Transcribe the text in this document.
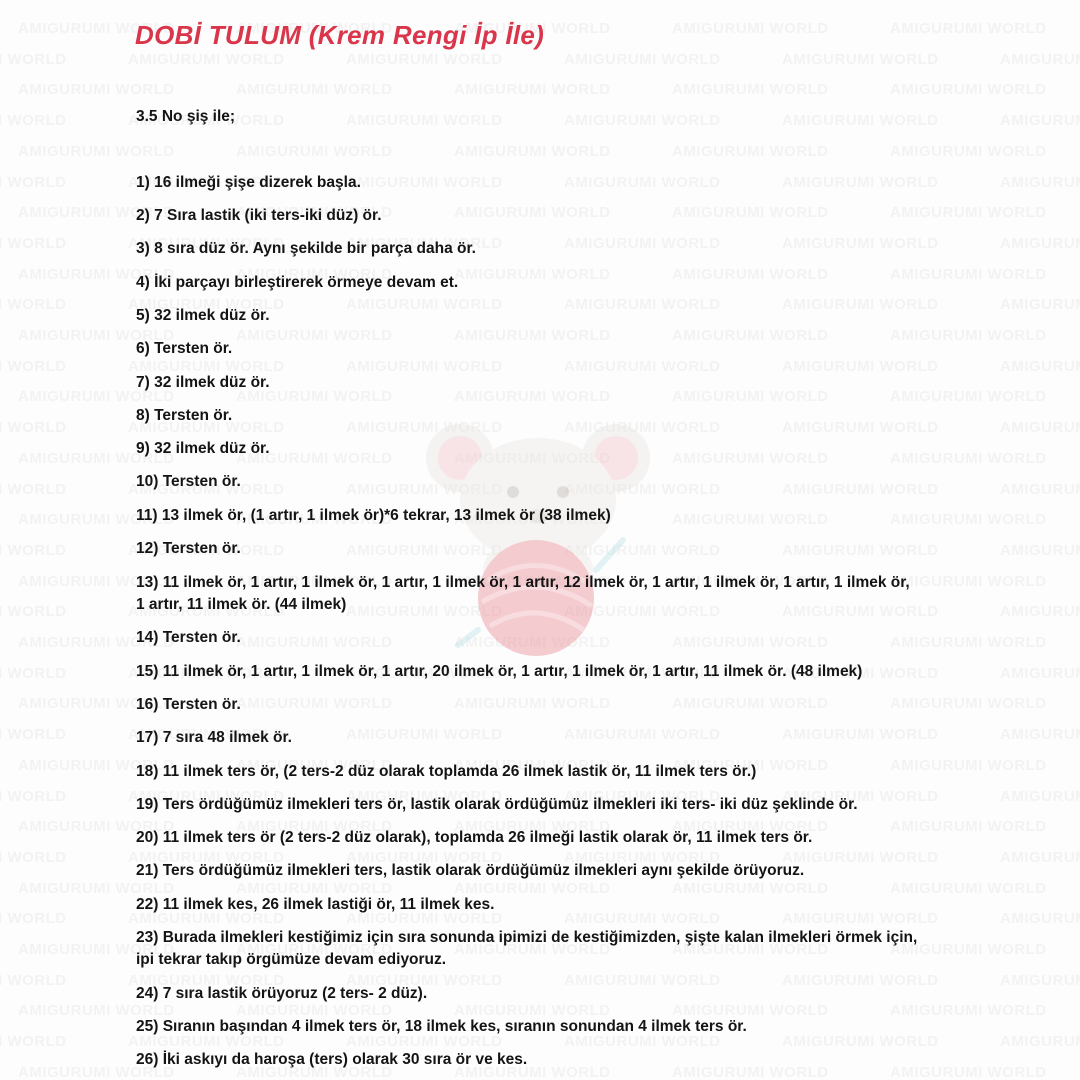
DOBİ TULUM (Krem Rengi İp İle)
3.5 No şiş ile;
1) 16 ilmeği şişe dizerek başla.
2) 7 Sıra lastik (iki ters-iki düz) ör.
3) 8 sıra düz ör. Aynı şekilde bir parça daha ör.
4) İki parçayı birleştirerek örmeye devam et.
5) 32 ilmek düz ör.
6) Tersten ör.
7) 32 ilmek düz ör.
8) Tersten ör.
9) 32 ilmek düz ör.
10) Tersten ör.
11) 13 ilmek ör, (1 artır, 1 ilmek ör)*6 tekrar, 13 ilmek ör (38 ilmek)
12) Tersten ör.
13) 11 ilmek ör, 1 artır, 1 ilmek ör, 1 artır, 1 ilmek ör, 1 artır, 12 ilmek ör, 1 artır, 1 ilmek ör, 1 artır, 1 ilmek ör,
1 artır, 11 ilmek ör. (44 ilmek)
14) Tersten ör.
15) 11 ilmek ör, 1 artır, 1 ilmek ör, 1 artır, 20 ilmek ör, 1 artır, 1 ilmek ör, 1 artır, 11 ilmek ör. (48 ilmek)
16) Tersten ör.
17) 7 sıra 48 ilmek ör.
18) 11 ilmek ters ör, (2 ters-2 düz olarak toplamda 26 ilmek lastik ör, 11 ilmek ters ör.)
19) Ters ördüğümüz ilmekleri ters ör, lastik olarak ördüğümüz ilmekleri iki ters- iki düz şeklinde ör.
20) 11 ilmek ters ör (2 ters-2 düz olarak), toplamda 26 ilmeği lastik olarak ör, 11 ilmek ters ör.
21) Ters ördüğümüz ilmekleri ters, lastik olarak ördüğümüz ilmekleri aynı şekilde örüyoruz.
22) 11 ilmek kes, 26 ilmek lastiği ör, 11 ilmek kes.
23) Burada ilmekleri kestiğimiz için sıra sonunda ipimizi de kestiğimizden, şişte kalan ilmekleri örmek için,
ipi tekrar takıp örgümüze devam ediyoruz.
24) 7 sıra lastik örüyoruz (2 ters- 2 düz).
25) Sıranın başından 4 ilmek ters ör, 18 ilmek kes, sıranın sonundan 4 ilmek ters ör.
26) İki askıyı da haroşa (ters) olarak 30 sıra ör ve kes.
